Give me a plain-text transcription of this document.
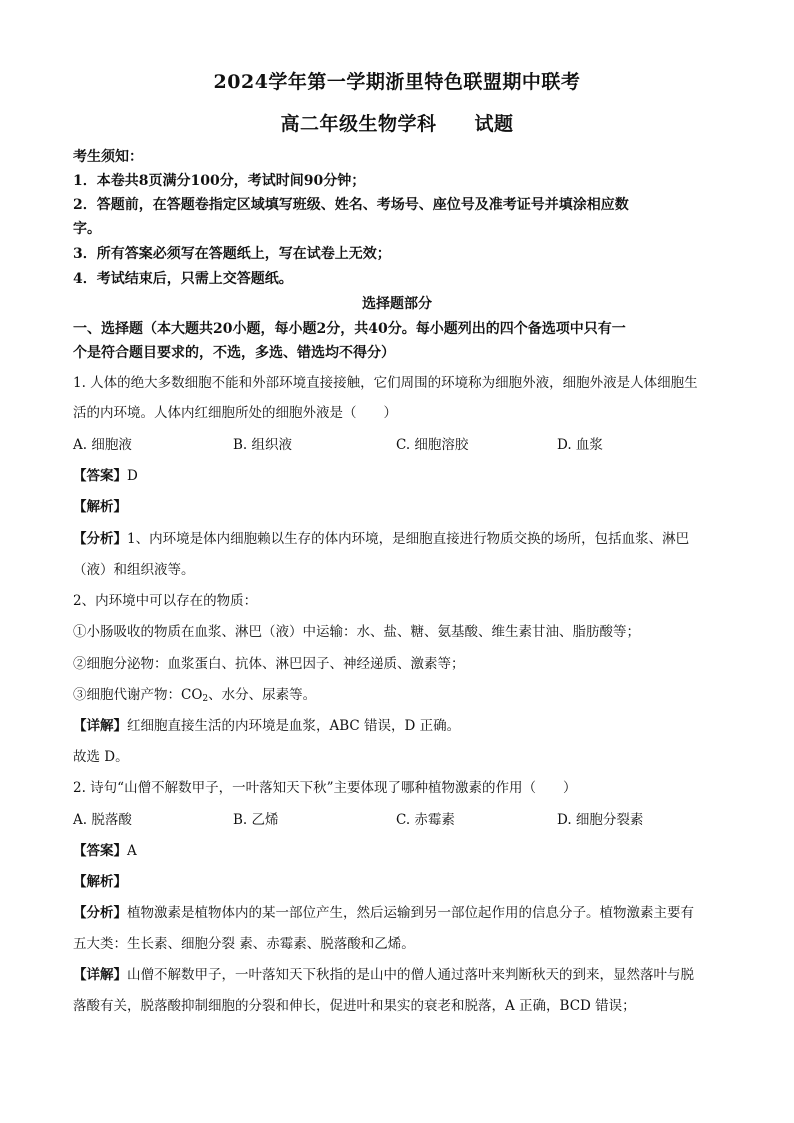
2024学年第一学期浙里特色联盟期中联考
高二年级生物学科 试题
考生须知：
1．本卷共8页满分100分，考试时间90分钟；
2．答题前，在答题卷指定区域填写班级、姓名、考场号、座位号及准考证号并填涂相应数
字。
3．所有答案必须写在答题纸上，写在试卷上无效；
4．考试结束后，只需上交答题纸。
选择题部分
一、选择题（本大题共20小题，每小题2分，共40分。每小题列出的四个备选项中只有一
个是符合题目要求的，不选，多选、错选均不得分）
1. 人体的绝大多数细胞不能和外部环境直接接触，它们周围的环境称为细胞外液，细胞外液是人体细胞生
活的内环境。人体内红细胞所处的细胞外液是（　　）
A. 细胞液	B. 组织液	C. 细胞溶胶	D. 血浆
【答案】D
【解析】
【分析】1、内环境是体内细胞赖以生存的体内环境，是细胞直接进行物质交换的场所，包括血浆、淋巴
（液）和组织液等。
2、内环境中可以存在的物质：
①小肠吸收的物质在血浆、淋巴（液）中运输：水、盐、糖、氨基酸、维生素甘油、脂肪酸等；
②细胞分泌物：血浆蛋白、抗体、淋巴因子、神经递质、激素等；
③细胞代谢产物：$CO_2$、水分、尿素等。
【详解】红细胞直接生活的内环境是血浆，ABC 错误，D 正确。
故选 D。
2. 诗句“山僧不解数甲子，一叶落知天下秋”主要体现了哪种植物激素的作用（　　）
A. 脱落酸	B. 乙烯	C. 赤霉素	D. 细胞分裂素
【答案】A
【解析】
【分析】植物激素是植物体内的某一部位产生，然后运输到另一部位起作用的信息分子。植物激素主要有
五大类：生长素、细胞分裂 素、赤霉素、脱落酸和乙烯。
【详解】山僧不解数甲子，一叶落知天下秋指的是山中的僧人通过落叶来判断秋天的到来，显然落叶与脱
落酸有关，脱落酸抑制细胞的分裂和伸长，促进叶和果实的衰老和脱落，A 正确，BCD 错误；
